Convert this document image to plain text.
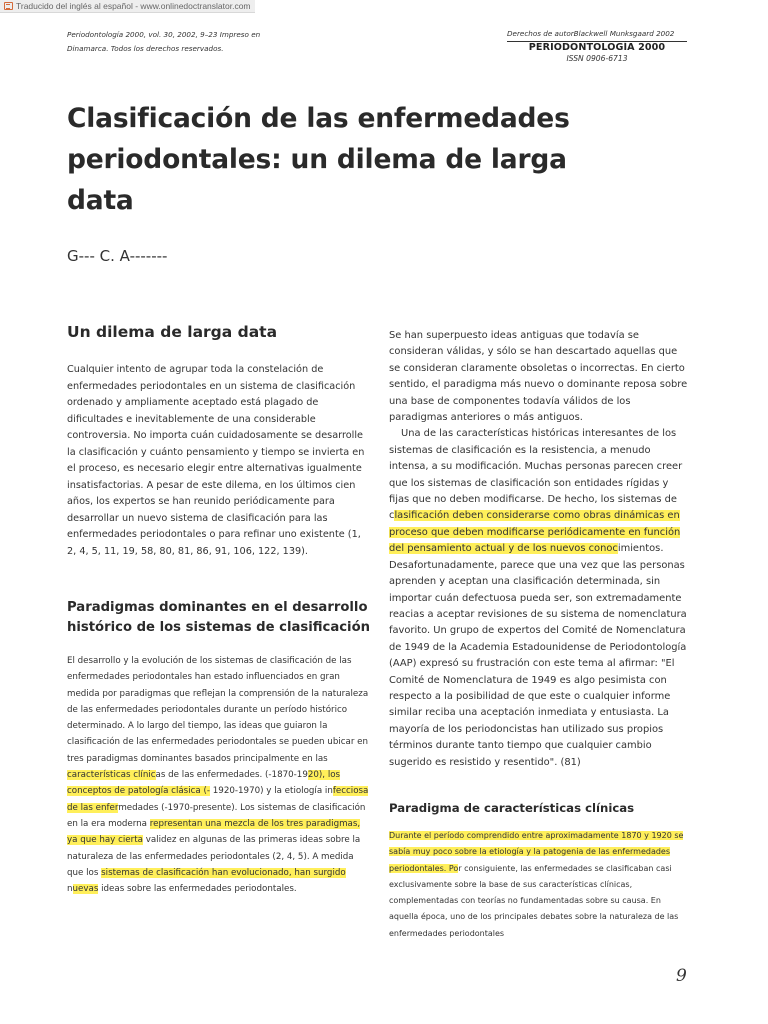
Traducido del inglés al español - www.onlinedoctranslator.com
Periodontología 2000, vol. 30, 2002, 9–23 Impreso en
Dinamarca. Todos los derechos reservados.
Derechos de autorBlackwell Munksgaard 2002
PERIODONTOLOGÍA 2000
ISSN 0906-6713
Clasificación de las enfermedades periodontales: un dilema de larga data
G--- C. A-------
Un dilema de larga data

Cualquier intento de agrupar toda la constelación de enfermedades periodontales en un sistema de clasificación ordenado y ampliamente aceptado está plagado de dificultades e inevitablemente de una considerable controversia. No importa cuán cuidadosamente se desarrolle la clasificación y cuánto pensamiento y tiempo se invierta en el proceso, es necesario elegir entre alternativas igualmente insatisfactorias. A pesar de este dilema, en los últimos cien años, los expertos se han reunido periódicamente para desarrollar un nuevo sistema de clasificación para las enfermedades periodontales o para refinar uno existente (1, 2, 4, 5, 11, 19, 58, 80, 81, 86, 91, 106, 122, 139).

Paradigmas dominantes en el desarrollo histórico de los sistemas de clasificación

El desarrollo y la evolución de los sistemas de clasificación de las enfermedades periodontales han estado influenciados en gran medida por paradigmas que reflejan la comprensión de la naturaleza de las enfermedades periodontales durante un período histórico determinado. A lo largo del tiempo, las ideas que guiaron la clasificación de las enfermedades periodontales se pueden ubicar en tres paradigmas dominantes basados principalmente en las características clínicas de las enfermedades. (-1870-1920), los conceptos de patología clásica (- 1920-1970) y la etiología infecciosa de las enfermedades (-1970-presente). Los sistemas de clasificación en la era moderna representan una mezcla de los tres paradigmas, ya que hay cierta validez en algunas de las primeras ideas sobre la naturaleza de las enfermedades periodontales (2, 4, 5). A medida que los sistemas de clasificación han evolucionado, han surgido nuevas ideas sobre las enfermedades periodontales.

Se han superpuesto ideas antiguas que todavía se consideran válidas, y sólo se han descartado aquellas que se consideran claramente obsoletas o incorrectas. En cierto sentido, el paradigma más nuevo o dominante reposa sobre una base de componentes todavía válidos de los paradigmas anteriores o más antiguos.

Una de las características históricas interesantes de los sistemas de clasificación es la resistencia, a menudo intensa, a su modificación. Muchas personas parecen creer que los sistemas de clasificación son entidades rígidas y fijas que no deben modificarse. De hecho, los sistemas de clasificación deben considerarse como obras dinámicas en proceso que deben modificarse periódicamente en función del pensamiento actual y de los nuevos conocimientos. Desafortunadamente, parece que una vez que las personas aprenden y aceptan una clasificación determinada, sin importar cuán defectuosa pueda ser, son extremadamente reacias a aceptar revisiones de su sistema de nomenclatura favorito. Un grupo de expertos del Comité de Nomenclatura de 1949 de la Academia Estadounidense de Periodontología (AAP) expresó su frustración con este tema al afirmar: "El Comité de Nomenclatura de 1949 es algo pesimista con respecto a la posibilidad de que este o cualquier informe similar reciba una aceptación inmediata y entusiasta. La mayoría de los periodoncistas han utilizado sus propios términos durante tanto tiempo que cualquier cambio sugerido es resistido y resentido". (81)

Paradigma de características clínicas

Durante el período comprendido entre aproximadamente 1870 y 1920 se sabía muy poco sobre la etiología y la patogenia de las enfermedades periodontales. Por consiguiente, las enfermedades se clasificaban casi exclusivamente sobre la base de sus características clínicas, complementadas con teorías no fundamentadas sobre su causa. En aquella época, uno de los principales debates sobre la naturaleza de las enfermedades periodontales

9
